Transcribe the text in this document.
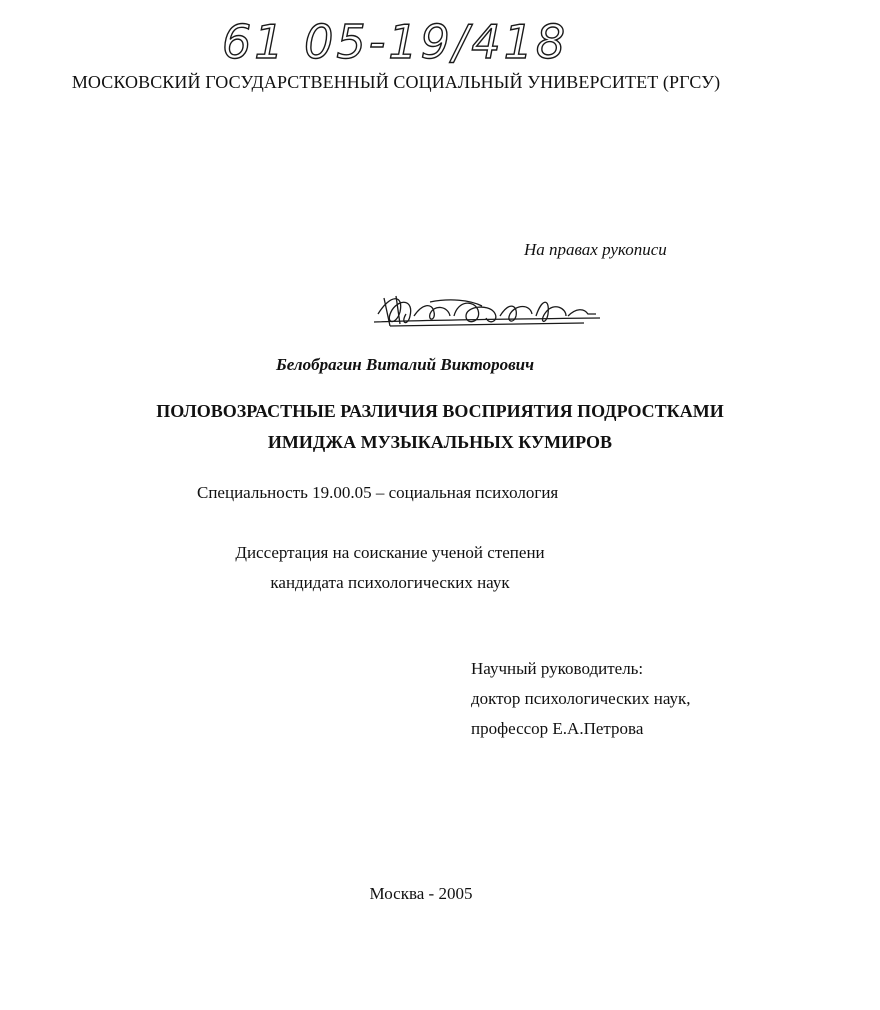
61 05-19/418
МОСКОВСКИЙ ГОСУДАРСТВЕННЫЙ СОЦИАЛЬНЫЙ УНИВЕРСИТЕТ (РГСУ)
На правах рукописи
Белобрагин Виталий Викторович
ПОЛОВОЗРАСТНЫЕ РАЗЛИЧИЯ ВОСПРИЯТИЯ ПОДРОСТКАМИ
ИМИДЖА МУЗЫКАЛЬНЫХ КУМИРОВ
Специальность 19.00.05 – социальная психология
Диссертация на соискание ученой степени
кандидата психологических наук
Научный руководитель:
доктор психологических наук,
профессор Е.А.Петрова
Москва - 2005
